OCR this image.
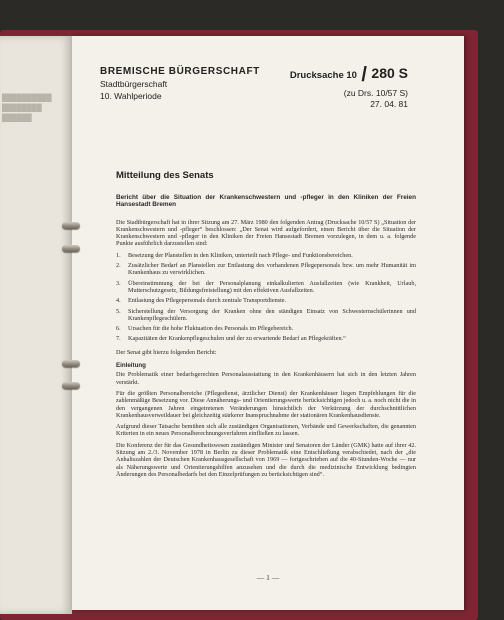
██████████
████████
██████
BREMISCHE BÜRGERSCHAFT
Stadtbürgerschaft
10. Wahlperiode
Drucksache 10 / 280 S
(zu Drs. 10/57 S)
27. 04. 81
Mitteilung des Senats
Bericht über die Situation der Krankenschwestern und -pfleger in den Kliniken der Freien Hansestadt Bremen
Die Stadtbürgerschaft hat in ihrer Sitzung am 27. März 1980 den folgenden Antrag (Drucksache 10/57 S) „Situation der Krankenschwestern und -pfleger“ beschlossen: „Der Senat wird aufgefordert, einen Bericht über die Situation der Krankenschwestern und -pfleger in den Kliniken der Freien Hansestadt Bremen vorzulegen, in dem u. a. folgende Punkte ausführlich darzustellen sind:
1.	Besetzung der Planstellen in den Kliniken, unterteilt nach Pflege- und Funktionsbereichen.
2.	Zusätzlicher Bedarf an Planstellen zur Entlastung des vorhandenen Pflegepersonals bzw. um mehr Humanität im Krankenhaus zu verwirklichen.
3.	Übereinstimmung der bei der Personalplanung einkalkulierten Ausfallzeiten (wie Krankheit, Urlaub, Mutterschutzgesetz, Bildungsfreistellung) mit den effektiven Ausfallzeiten.
4.	Entlastung des Pflegepersonals durch zentrale Transportdienste.
5.	Sicherstellung der Versorgung der Kranken ohne den ständigen Einsatz von Schwesternschülerinnen und Krankenpflegeschülern.
6.	Ursachen für die hohe Fluktuation des Personals im Pflegebereich.
7.	Kapazitäten der Krankenpflegeschulen und der zu erwartende Bedarf an Pflegekräften.“
Der Senat gibt hierzu folgenden Bericht:
Einleitung
Die Problematik einer bedarfsgerechten Personalausstattung in den Krankenhäusern hat sich in den letzten Jahren verstärkt.
Für die größten Personalbereiche (Pflegedienst, ärztlicher Dienst) der Krankenhäuser liegen Empfehlungen für die zahlenmäßige Besetzung vor. Diese Annäherungs- und Orientierungswerte berücksichtigen jedoch u. a. noch nicht die in den vergangenen Jahren eingetretenen Veränderungen hinsichtlich der Verkürzung der durchschnittlichen Krankenhausverweildauer bei gleichzeitig stärkerer Inanspruchnahme der stationären Krankenhausdienste.
Aufgrund dieser Tatsache bemühen sich alle zuständigen Organisationen, Verbände und Gewerkschaften, die genannten Kriterien in ein neues Personalberechnungsverfahren einfließen zu lassen.
Die Konferenz der für das Gesundheitswesen zuständigen Minister und Senatoren der Länder (GMK) hatte auf ihrer 42. Sitzung am 2./3. November 1978 in Berlin zu dieser Problematik eine Entschließung verabschiedet, nach der „die Anhaltszahlen der Deutschen Krankenhausgesellschaft von 1969 — fortgeschrieben auf die 40-Stunden-Woche — nur als Näherungswerte und Orientierungshilfen anzusehen und die durch die medizinische Entwicklung bedingten Änderungen des Personalbedarfs bei den Einzelprüfungen zu berücksichtigen sind“.
— 1 —
